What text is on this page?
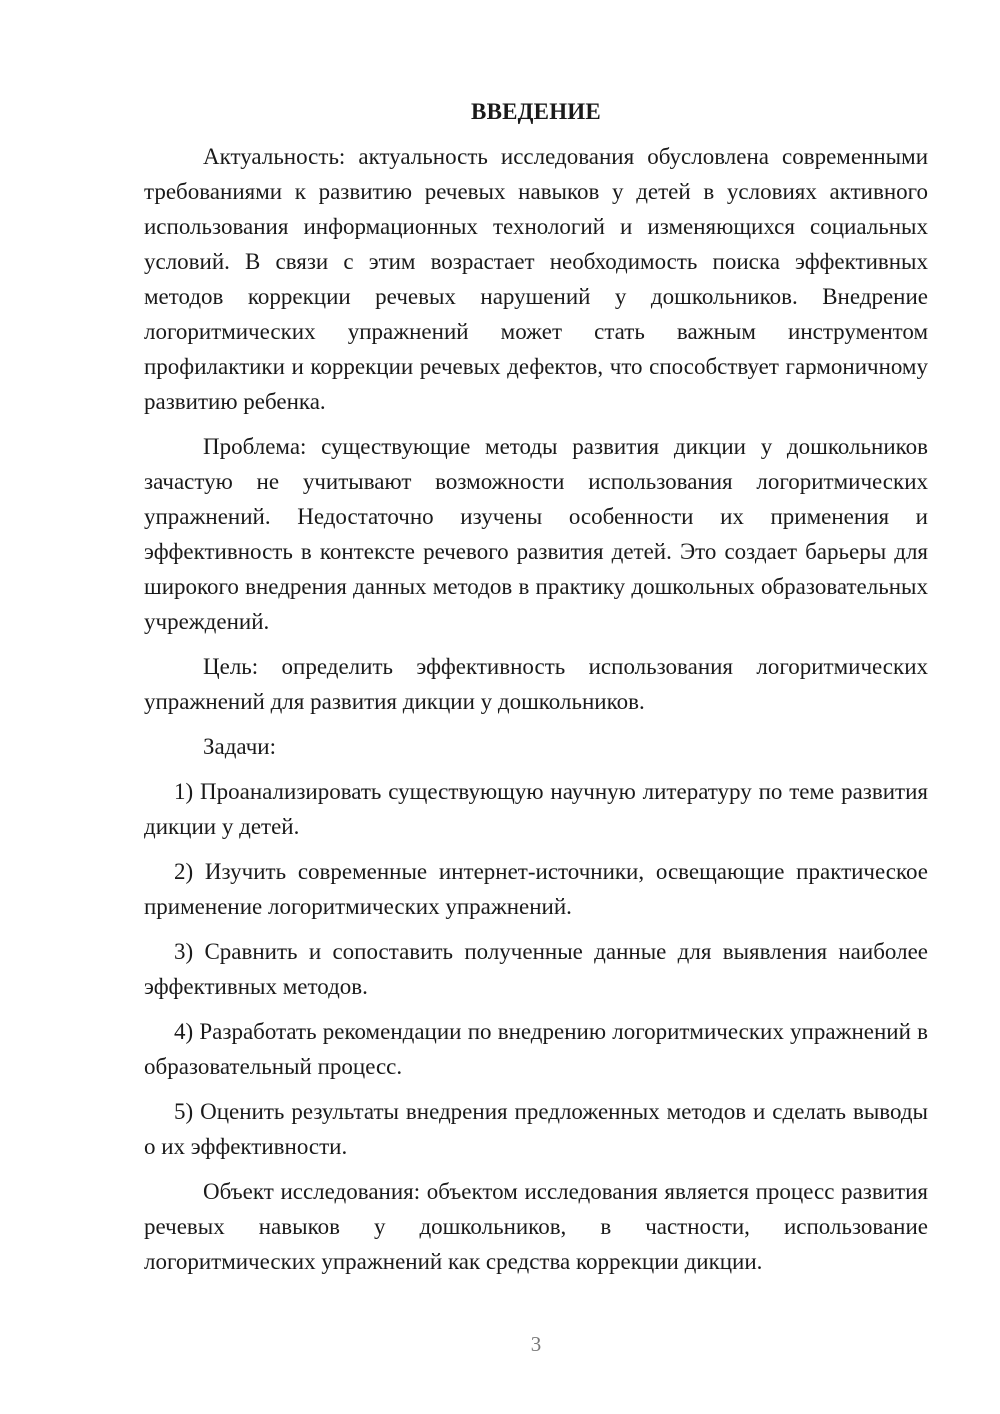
ВВЕДЕНИЕ

Актуальность: актуальность исследования обусловлена современными требованиями к развитию речевых навыков у детей в условиях активного использования информационных технологий и изменяющихся социальных условий. В связи с этим возрастает необходимость поиска эффективных методов коррекции речевых нарушений у дошкольников. Внедрение логоритмических упражнений может стать важным инструментом профилактики и коррекции речевых дефектов, что способствует гармоничному развитию ребенка.

Проблема: существующие методы развития дикции у дошкольников зачастую не учитывают возможности использования логоритмических упражнений. Недостаточно изучены особенности их применения и эффективность в контексте речевого развития детей. Это создает барьеры для широкого внедрения данных методов в практику дошкольных образовательных учреждений.

Цель: определить эффективность использования логоритмических упражнений для развития дикции у дошкольников.

Задачи:

1) Проанализировать существующую научную литературу по теме развития дикции у детей.

2) Изучить современные интернет-источники, освещающие практическое применение логоритмических упражнений.

3) Сравнить и сопоставить полученные данные для выявления наиболее эффективных методов.

4) Разработать рекомендации по внедрению логоритмических упражнений в образовательный процесс.

5) Оценить результаты внедрения предложенных методов и сделать выводы о их эффективности.

Объект исследования: объектом исследования является процесс развития речевых навыков у дошкольников, в частности, использование логоритмических упражнений как средства коррекции дикции.

3
